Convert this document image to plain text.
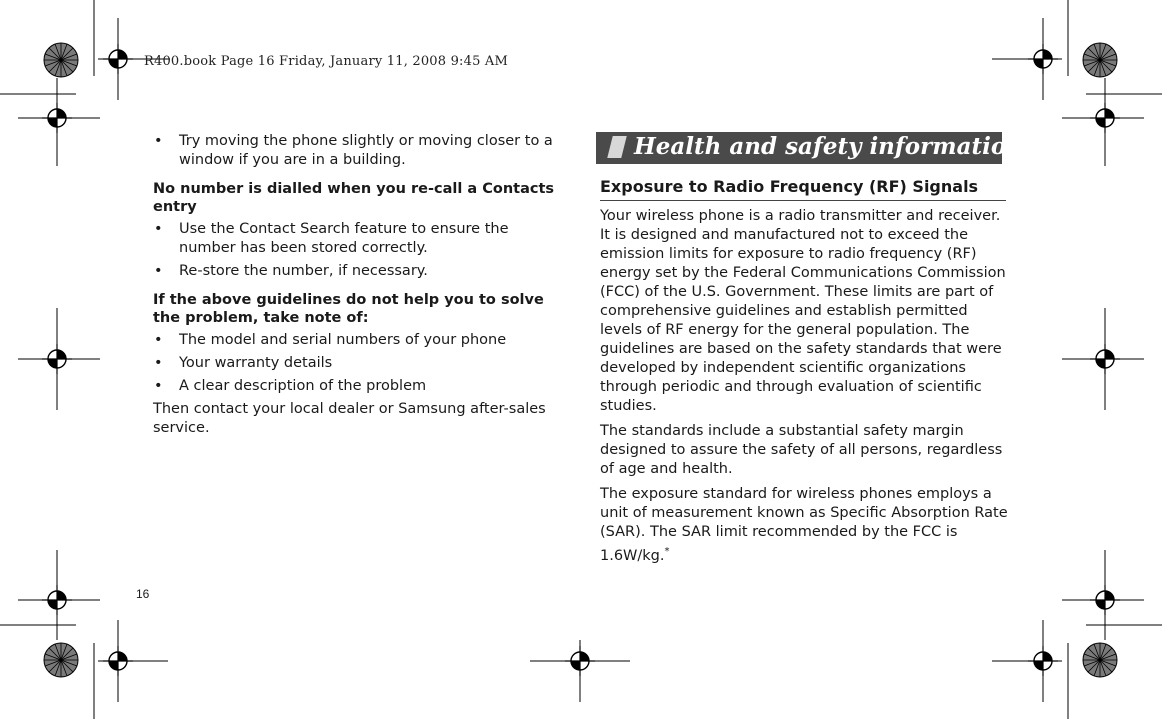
R400.book Page 16 Friday, January 11, 2008 9:45 AM
• Try moving the phone slightly or moving closer to a window if you are in a building.
No number is dialled when you re-call a Contacts entry
• Use the Contact Search feature to ensure the number has been stored correctly.
• Re-store the number, if necessary.
If the above guidelines do not help you to solve the problem, take note of:
• The model and serial numbers of your phone
• Your warranty details
• A clear description of the problem

Then contact your local dealer or Samsung after-sales service.

Health and safety information
Exposure to Radio Frequency (RF) Signals

Your wireless phone is a radio transmitter and receiver. It is designed and manufactured not to exceed the emission limits for exposure to radio frequency (RF) energy set by the Federal Communications Commission (FCC) of the U.S. Government. These limits are part of comprehensive guidelines and establish permitted levels of RF energy for the general population. The guidelines are based on the safety standards that were developed by independent scientific organizations through periodic and through evaluation of scientific studies.

The standards include a substantial safety margin designed to assure the safety of all persons, regardless of age and health.

The exposure standard for wireless phones employs a unit of measurement known as Specific Absorption Rate (SAR). The SAR limit recommended by the FCC is 1.6W/kg.*

16
